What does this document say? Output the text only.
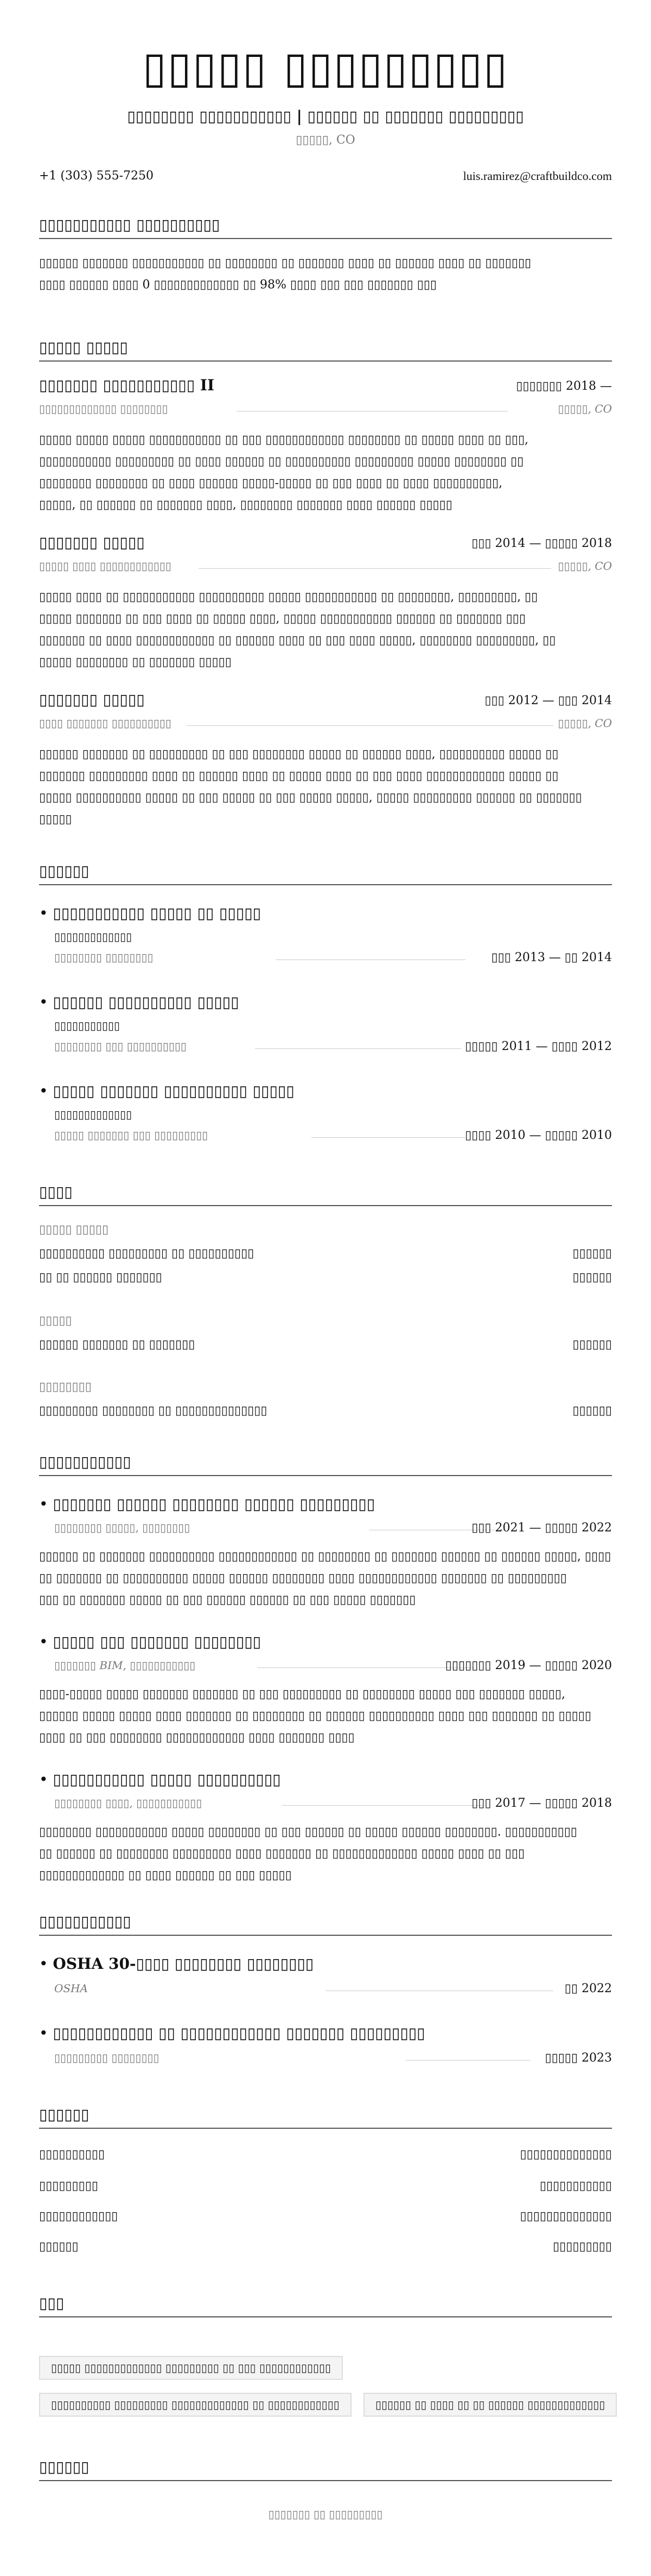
▯▯▯▯▯ ▯▯▯▯▯▯▯▯▯
▯▯▯▯▯▯▯▯ ▯▯▯▯▯▯▯▯▯▯▯ | ▯▯▯▯▯▯ ▯▯ ▯▯▯▯▯▯▯ ▯▯▯▯▯▯▯▯▯
▯▯▯▯▯, CO
+1 (303) 555-7250	luis.ramirez@craftbuildco.com
▯▯▯▯▯▯▯▯▯▯▯ ▯▯▯▯▯▯▯▯▯▯
▯▯▯▯▯▯ ▯▯▯▯▯▯▯ ▯▯▯▯▯▯▯▯▯▯▯ ▯▯ ▯▯▯▯▯▯▯▯ ▯▯ ▯▯▯▯▯▯▯ ▯▯▯▯ ▯▯ ▯▯▯▯▯▯ ▯▯▯▯ ▯▯ ▯▯▯▯▯▯▯
▯▯▯▯ ▯▯▯▯▯▯ ▯▯▯▯ 0 ▯▯▯▯▯▯▯▯▯▯▯▯▯ ▯▯ 98% ▯▯▯▯ ▯▯▯ ▯▯▯ ▯▯▯▯▯▯▯ ▯▯▯
▯▯▯▯▯ ▯▯▯▯▯
▯▯▯▯▯▯▯ ▯▯▯▯▯▯▯▯▯▯▯ II	▯▯▯▯▯▯▯ 2018 —
▯▯▯▯▯▯▯▯▯▯▯▯▯ ▯▯▯▯▯▯▯▯	▯▯▯▯▯, CO
▯▯▯▯▯ ▯▯▯▯▯ ▯▯▯▯▯ ▯▯▯▯▯▯▯▯▯▯▯ ▯▯ ▯▯▯ ▯▯▯▯▯▯▯▯▯▯▯▯ ▯▯▯▯▯▯▯▯ ▯▯ ▯▯▯▯▯ ▯▯▯▯ ▯▯ ▯▯▯,
▯▯▯▯▯▯▯▯▯▯▯ ▯▯▯▯▯▯▯▯▯ ▯▯ ▯▯▯▯ ▯▯▯▯▯▯ ▯▯ ▯▯▯▯▯▯▯▯▯▯ ▯▯▯▯▯▯▯▯▯ ▯▯▯▯▯ ▯▯▯▯▯▯▯▯ ▯▯
▯▯▯▯▯▯▯▯ ▯▯▯▯▯▯▯▯ ▯▯ ▯▯▯▯ ▯▯▯▯▯▯ ▯▯▯▯▯-▯▯▯▯▯ ▯▯ ▯▯▯ ▯▯▯▯ ▯▯ ▯▯▯▯ ▯▯▯▯▯▯▯▯▯▯,
▯▯▯▯▯, ▯▯ ▯▯▯▯▯▯ ▯▯ ▯▯▯▯▯▯▯ ▯▯▯▯, ▯▯▯▯▯▯▯▯ ▯▯▯▯▯▯▯ ▯▯▯▯ ▯▯▯▯▯▯ ▯▯▯▯▯
▯▯▯▯▯▯▯ ▯▯▯▯▯	▯▯▯ 2014 — ▯▯▯▯▯ 2018
▯▯▯▯▯ ▯▯▯▯ ▯▯▯▯▯▯▯▯▯▯▯▯	▯▯▯▯▯, CO
▯▯▯▯▯ ▯▯▯▯ ▯▯ ▯▯▯▯▯▯▯▯▯▯▯ ▯▯▯▯▯▯▯▯▯▯ ▯▯▯▯▯ ▯▯▯▯▯▯▯▯▯▯▯ ▯▯ ▯▯▯▯▯▯▯▯, ▯▯▯▯▯▯▯▯▯, ▯▯
▯▯▯▯▯ ▯▯▯▯▯▯▯ ▯▯ ▯▯▯ ▯▯▯▯ ▯▯ ▯▯▯▯▯ ▯▯▯▯, ▯▯▯▯▯ ▯▯▯▯▯▯▯▯▯▯▯ ▯▯▯▯▯▯ ▯▯ ▯▯▯▯▯▯▯ ▯▯▯
▯▯▯▯▯▯▯ ▯▯ ▯▯▯▯ ▯▯▯▯▯▯▯▯▯▯▯▯ ▯▯ ▯▯▯▯▯▯ ▯▯▯▯ ▯▯ ▯▯▯ ▯▯▯▯ ▯▯▯▯▯, ▯▯▯▯▯▯▯▯ ▯▯▯▯▯▯▯▯▯, ▯▯
▯▯▯▯▯ ▯▯▯▯▯▯▯▯ ▯▯ ▯▯▯▯▯▯▯ ▯▯▯▯▯
▯▯▯▯▯▯▯ ▯▯▯▯▯	▯▯▯ 2012 — ▯▯▯ 2014
▯▯▯▯ ▯▯▯▯▯▯▯ ▯▯▯▯▯▯▯▯▯▯	▯▯▯▯▯, CO
▯▯▯▯▯▯ ▯▯▯▯▯▯▯ ▯▯ ▯▯▯▯▯▯▯▯▯ ▯▯ ▯▯▯ ▯▯▯▯▯▯▯▯ ▯▯▯▯▯ ▯▯ ▯▯▯▯▯▯ ▯▯▯▯, ▯▯▯▯▯▯▯▯▯▯ ▯▯▯▯▯ ▯▯
▯▯▯▯▯▯▯ ▯▯▯▯▯▯▯▯▯ ▯▯▯▯ ▯▯ ▯▯▯▯▯▯ ▯▯▯▯ ▯▯ ▯▯▯▯▯ ▯▯▯▯ ▯▯ ▯▯▯ ▯▯▯▯ ▯▯▯▯▯▯▯▯▯▯▯▯ ▯▯▯▯▯ ▯▯
▯▯▯▯▯ ▯▯▯▯▯▯▯▯▯▯ ▯▯▯▯▯ ▯▯ ▯▯▯ ▯▯▯▯▯ ▯▯ ▯▯▯ ▯▯▯▯▯ ▯▯▯▯▯, ▯▯▯▯▯ ▯▯▯▯▯▯▯▯▯ ▯▯▯▯▯▯ ▯▯ ▯▯▯▯▯▯▯
▯▯▯▯▯
▯▯▯▯▯▯
• ▯▯▯▯▯▯▯▯▯▯▯ ▯▯▯▯▯ ▯▯ ▯▯▯▯▯
▯▯▯▯▯▯▯▯▯▯▯▯▯
▯▯▯▯▯▯▯▯ ▯▯▯▯▯▯▯▯	▯▯▯ 2013 — ▯▯ 2014
• ▯▯▯▯▯▯ ▯▯▯▯▯▯▯▯▯▯ ▯▯▯▯▯
▯▯▯▯▯▯▯▯▯▯▯
▯▯▯▯▯▯▯▯ ▯▯▯ ▯▯▯▯▯▯▯▯▯▯	▯▯▯▯▯ 2011 — ▯▯▯▯ 2012
• ▯▯▯▯▯ ▯▯▯▯▯▯▯ ▯▯▯▯▯▯▯▯▯▯ ▯▯▯▯▯
▯▯▯▯▯▯▯▯▯▯▯▯▯
▯▯▯▯▯ ▯▯▯▯▯▯▯ ▯▯▯ ▯▯▯▯▯▯▯▯▯	▯▯▯▯ 2010 — ▯▯▯▯▯ 2010
▯▯▯▯
▯▯▯▯▯ ▯▯▯▯▯
▯▯▯▯▯▯▯▯▯▯ ▯▯▯▯▯▯▯▯▯ ▯▯ ▯▯▯▯▯▯▯▯▯▯	▯▯▯▯▯▯
▯▯ ▯▯ ▯▯▯▯▯▯ ▯▯▯▯▯▯▯	▯▯▯▯▯▯
▯▯▯▯▯
▯▯▯▯▯▯ ▯▯▯▯▯▯▯ ▯▯ ▯▯▯▯▯▯▯	▯▯▯▯▯▯
▯▯▯▯▯▯▯▯
▯▯▯▯▯▯▯▯▯ ▯▯▯▯▯▯▯▯ ▯▯ ▯▯▯▯▯▯▯▯▯▯▯▯▯▯	▯▯▯▯▯▯
▯▯▯▯▯▯▯▯▯▯▯
• ▯▯▯▯▯▯▯ ▯▯▯▯▯▯ ▯▯▯▯▯▯▯▯ ▯▯▯▯▯▯ ▯▯▯▯▯▯▯▯▯
▯▯▯▯▯▯▯▯ ▯▯▯▯▯, ▯▯▯▯▯▯▯▯	▯▯▯ 2021 — ▯▯▯▯▯ 2022
▯▯▯▯▯▯ ▯▯ ▯▯▯▯▯▯▯ ▯▯▯▯▯▯▯▯▯▯ ▯▯▯▯▯▯▯▯▯▯▯▯ ▯▯ ▯▯▯▯▯▯▯▯ ▯▯ ▯▯▯▯▯▯▯ ▯▯▯▯▯▯ ▯▯ ▯▯▯▯▯▯ ▯▯▯▯▯, ▯▯▯▯
▯▯ ▯▯▯▯▯▯▯ ▯▯ ▯▯▯▯▯▯▯▯▯▯ ▯▯▯▯▯ ▯▯▯▯▯▯ ▯▯▯▯▯▯▯▯ ▯▯▯▯ ▯▯▯▯▯▯▯▯▯▯▯▯ ▯▯▯▯▯▯▯ ▯▯ ▯▯▯▯▯▯▯▯▯
▯▯▯ ▯▯ ▯▯▯▯▯▯▯ ▯▯▯▯▯ ▯▯ ▯▯▯ ▯▯▯▯▯▯ ▯▯▯▯▯▯ ▯▯ ▯▯▯ ▯▯▯▯▯ ▯▯▯▯▯▯▯
• ▯▯▯▯▯ ▯▯▯ ▯▯▯▯▯▯▯ ▯▯▯▯▯▯▯▯
▯▯▯▯▯▯▯ BIM, ▯▯▯▯▯▯▯▯▯▯▯	▯▯▯▯▯▯▯ 2019 — ▯▯▯▯▯ 2020
▯▯▯▯-▯▯▯▯▯ ▯▯▯▯▯ ▯▯▯▯▯▯▯ ▯▯▯▯▯▯▯ ▯▯ ▯▯▯ ▯▯▯▯▯▯▯▯▯ ▯▯ ▯▯▯▯▯▯▯▯ ▯▯▯▯▯ ▯▯▯ ▯▯▯▯▯▯▯ ▯▯▯▯▯,
▯▯▯▯▯▯ ▯▯▯▯▯ ▯▯▯▯▯ ▯▯▯▯ ▯▯▯▯▯▯▯ ▯▯ ▯▯▯▯▯▯▯▯ ▯▯ ▯▯▯▯▯▯ ▯▯▯▯▯▯▯▯▯▯ ▯▯▯▯ ▯▯▯ ▯▯▯▯▯▯▯ ▯▯ ▯▯▯▯▯
▯▯▯▯ ▯▯ ▯▯▯ ▯▯▯▯▯▯▯▯ ▯▯▯▯▯▯▯▯▯▯▯▯ ▯▯▯▯ ▯▯▯▯▯▯▯ ▯▯▯▯
• ▯▯▯▯▯▯▯▯▯▯▯ ▯▯▯▯▯ ▯▯▯▯▯▯▯▯▯▯
▯▯▯▯▯▯▯▯ ▯▯▯▯, ▯▯▯▯▯▯▯▯▯▯▯	▯▯▯ 2017 — ▯▯▯▯▯ 2018
▯▯▯▯▯▯▯▯ ▯▯▯▯▯▯▯▯▯▯▯ ▯▯▯▯▯ ▯▯▯▯▯▯▯▯ ▯▯ ▯▯▯ ▯▯▯▯▯▯ ▯▯ ▯▯▯▯▯ ▯▯▯▯▯▯ ▯▯▯▯▯▯▯▯. ▯▯▯▯▯▯▯▯▯▯▯
▯▯ ▯▯▯▯▯▯ ▯▯ ▯▯▯▯▯▯▯▯ ▯▯▯▯▯▯▯▯▯ ▯▯▯▯ ▯▯▯▯▯▯▯ ▯▯ ▯▯▯▯▯▯▯▯▯▯▯▯▯ ▯▯▯▯▯ ▯▯▯▯ ▯▯ ▯▯▯
▯▯▯▯▯▯▯▯▯▯▯▯▯ ▯▯ ▯▯▯▯ ▯▯▯▯▯▯ ▯▯ ▯▯▯ ▯▯▯▯▯
▯▯▯▯▯▯▯▯▯▯▯
• OSHA 30-▯▯▯▯ ▯▯▯▯▯▯▯▯ ▯▯▯▯▯▯▯▯
OSHA	▯▯ 2022
• ▯▯▯▯▯▯▯▯▯▯▯▯ ▯▯ ▯▯▯▯▯▯▯▯▯▯▯▯ ▯▯▯▯▯▯▯ ▯▯▯▯▯▯▯▯▯
▯▯▯▯▯▯▯▯▯ ▯▯▯▯▯▯▯▯	▯▯▯▯▯ 2023
▯▯▯▯▯▯
▯▯▯▯▯▯▯▯▯▯	▯▯▯▯▯▯▯▯▯▯▯▯▯▯
▯▯▯▯▯▯▯▯▯	▯▯▯▯▯▯▯▯▯▯▯
▯▯▯▯▯▯▯▯▯▯▯▯	▯▯▯▯▯▯▯▯▯▯▯▯▯▯
▯▯▯▯▯▯	▯▯▯▯▯▯▯▯▯
▯▯▯
▯▯▯▯▯ ▯▯▯▯▯▯▯▯▯▯▯▯▯ ▯▯▯▯▯▯▯▯▯ ▯▯ ▯▯▯ ▯▯▯▯▯▯▯▯▯▯▯▯
▯▯▯▯▯▯▯▯▯▯ ▯▯▯▯▯▯▯▯▯ ▯▯▯▯▯▯▯▯▯▯▯▯▯ ▯▯ ▯▯▯▯▯▯▯▯▯▯▯▯	▯▯▯▯▯▯ ▯▯ ▯▯▯▯ ▯▯ ▯▯ ▯▯▯▯▯▯ ▯▯▯▯▯▯▯▯▯▯▯▯▯
▯▯▯▯▯▯
▯▯▯▯▯▯▯ ▯▯ ▯▯▯▯▯▯▯▯▯
